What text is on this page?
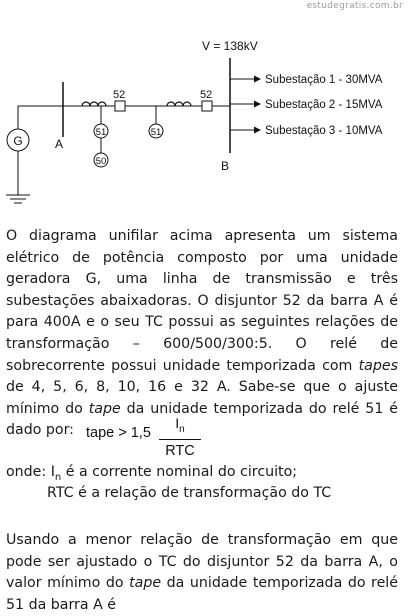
estudegratis.com.br
G	A
B
V = 138kV
52	52
51
50
51
Subestação 1 - 30MVA
Subestação 2 - 15MVA
Subestação 3 - 10MVA

O diagrama unifilar acima apresenta um sistema elétrico de potência composto por uma unidade geradora G, uma linha de transmissão e três subestações abaixadoras. O disjuntor 52 da barra A é para 400A e o seu TC possui as seguintes relações de transformação – 600/500/300:5. O relé de sobrecorrente possui unidade temporizada com tapes de 4, 5, 6, 8, 10, 16 e 32 A. Sabe-se que o ajuste mínimo do tape da unidade temporizada do relé 51 é dado por: tape > 1,5
$I_n$
RTC
onde: $I_n$ é a corrente nominal do circuito;
RTC é a relação de transformação do TC

Usando a menor relação de transformação em que pode ser ajustado o TC do disjuntor 52 da barra A, o valor mínimo do tape da unidade temporizada do relé 51 da barra A é
